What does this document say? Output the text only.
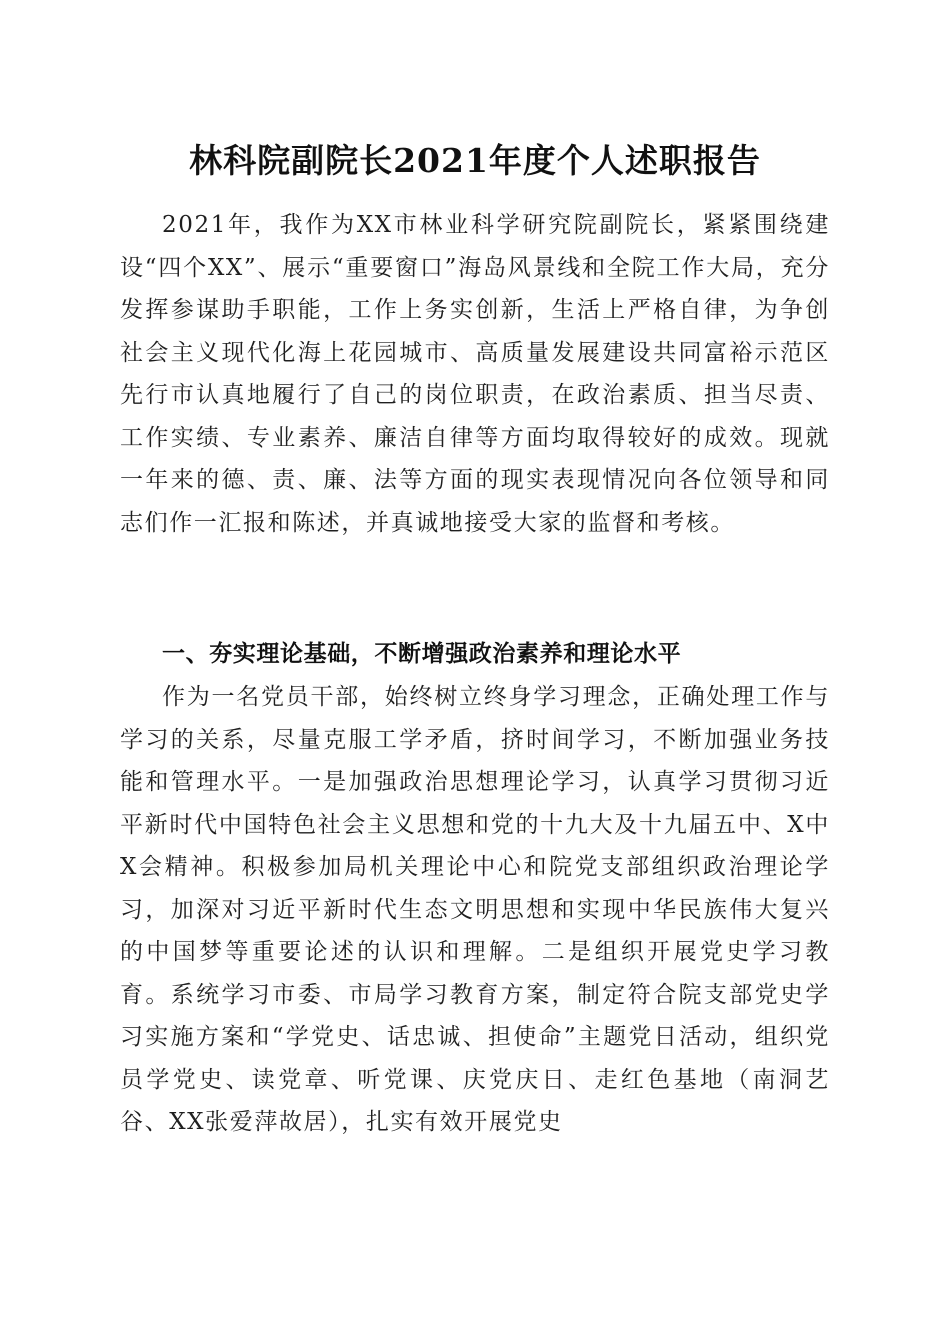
林科院副院长2021年度个人述职报告

2021年，我作为XX市林业科学研究院副院长，紧紧围绕建设“四个XX”、展示“重要窗口”海岛风景线和全院工作大局，充分发挥参谋助手职能，工作上务实创新，生活上严格自律，为争创社会主义现代化海上花园城市、高质量发展建设共同富裕示范区先行市认真地履行了自己的岗位职责，在政治素质、担当尽责、工作实绩、专业素养、廉洁自律等方面均取得较好的成效。现就一年来的德、责、廉、法等方面的现实表现情况向各位领导和同志们作一汇报和陈述，并真诚地接受大家的监督和考核。

一、夯实理论基础，不断增强政治素养和理论水平

作为一名党员干部，始终树立终身学习理念，正确处理工作与学习的关系，尽量克服工学矛盾，挤时间学习，不断加强业务技能和管理水平。一是加强政治思想理论学习，认真学习贯彻习近平新时代中国特色社会主义思想和党的十九大及十九届五中、X中X会精神。积极参加局机关理论中心和院党支部组织政治理论学习，加深对习近平新时代生态文明思想和实现中华民族伟大复兴的中国梦等重要论述的认识和理解。二是组织开展党史学习教育。系统学习市委、市局学习教育方案，制定符合院支部党史学习实施方案和“学党史、话忠诚、担使命”主题党日活动，组织党员学党史、读党章、听党课、庆党庆日、走红色基地（南洞艺谷、XX张爱萍故居），扎实有效开展党史
